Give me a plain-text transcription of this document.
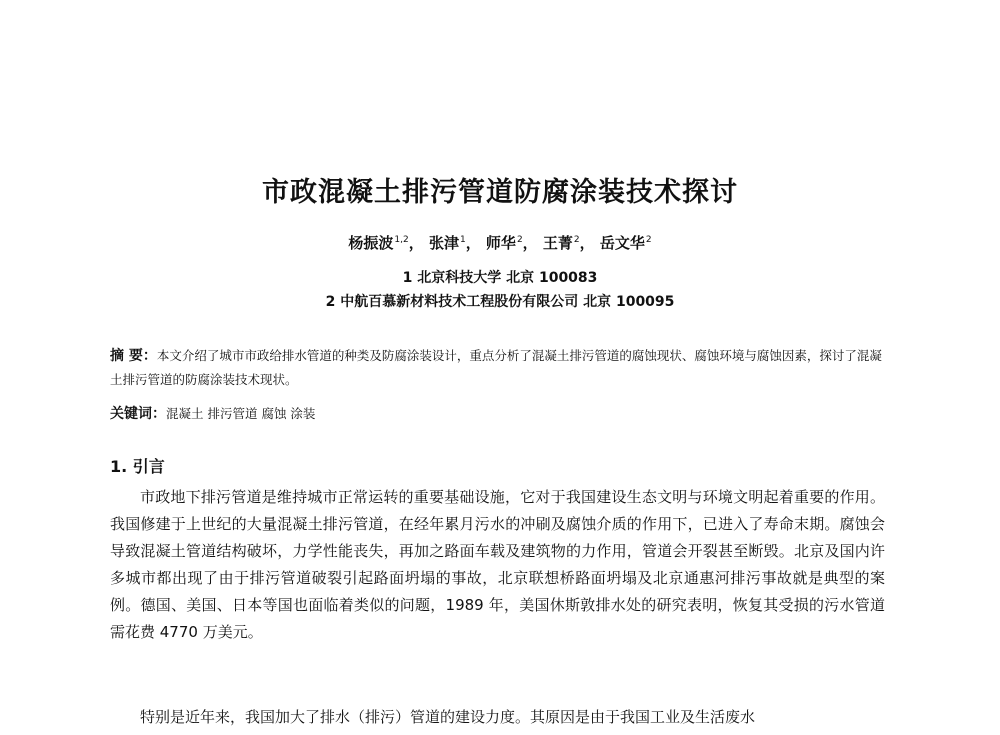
市政混凝土排污管道防腐涂装技术探讨
杨振波$^{1,2}$， 张津$^1$， 师华$^2$， 王菁$^2$， 岳文华$^2$
1 北京科技大学 北京 100083
2 中航百慕新材料技术工程股份有限公司 北京 100095
摘 要：本文介绍了城市市政给排水管道的种类及防腐涂装设计，重点分析了混凝土排污管道的腐蚀现状、腐蚀环境与腐蚀因素，探讨了混凝土排污管道的防腐涂装技术现状。
关键词：混凝土 排污管道 腐蚀 涂装
1. 引言
市政地下排污管道是维持城市正常运转的重要基础设施，它对于我国建设生态文明与环境文明起着重要的作用。我国修建于上世纪的大量混凝土排污管道，在经年累月污水的冲刷及腐蚀介质的作用下，已进入了寿命末期。腐蚀会导致混凝土管道结构破坏，力学性能丧失，再加之路面车载及建筑物的力作用，管道会开裂甚至断毁。北京及国内许多城市都出现了由于排污管道破裂引起路面坍塌的事故，北京联想桥路面坍塌及北京通惠河排污事故就是典型的案例。德国、美国、日本等国也面临着类似的问题，1989 年，美国休斯敦排水处的研究表明，恢复其受损的污水管道需花费 4770 万美元。
特别是近年来，我国加大了排水（排污）管道的建设力度。其原因是由于我国工业及生活废水
